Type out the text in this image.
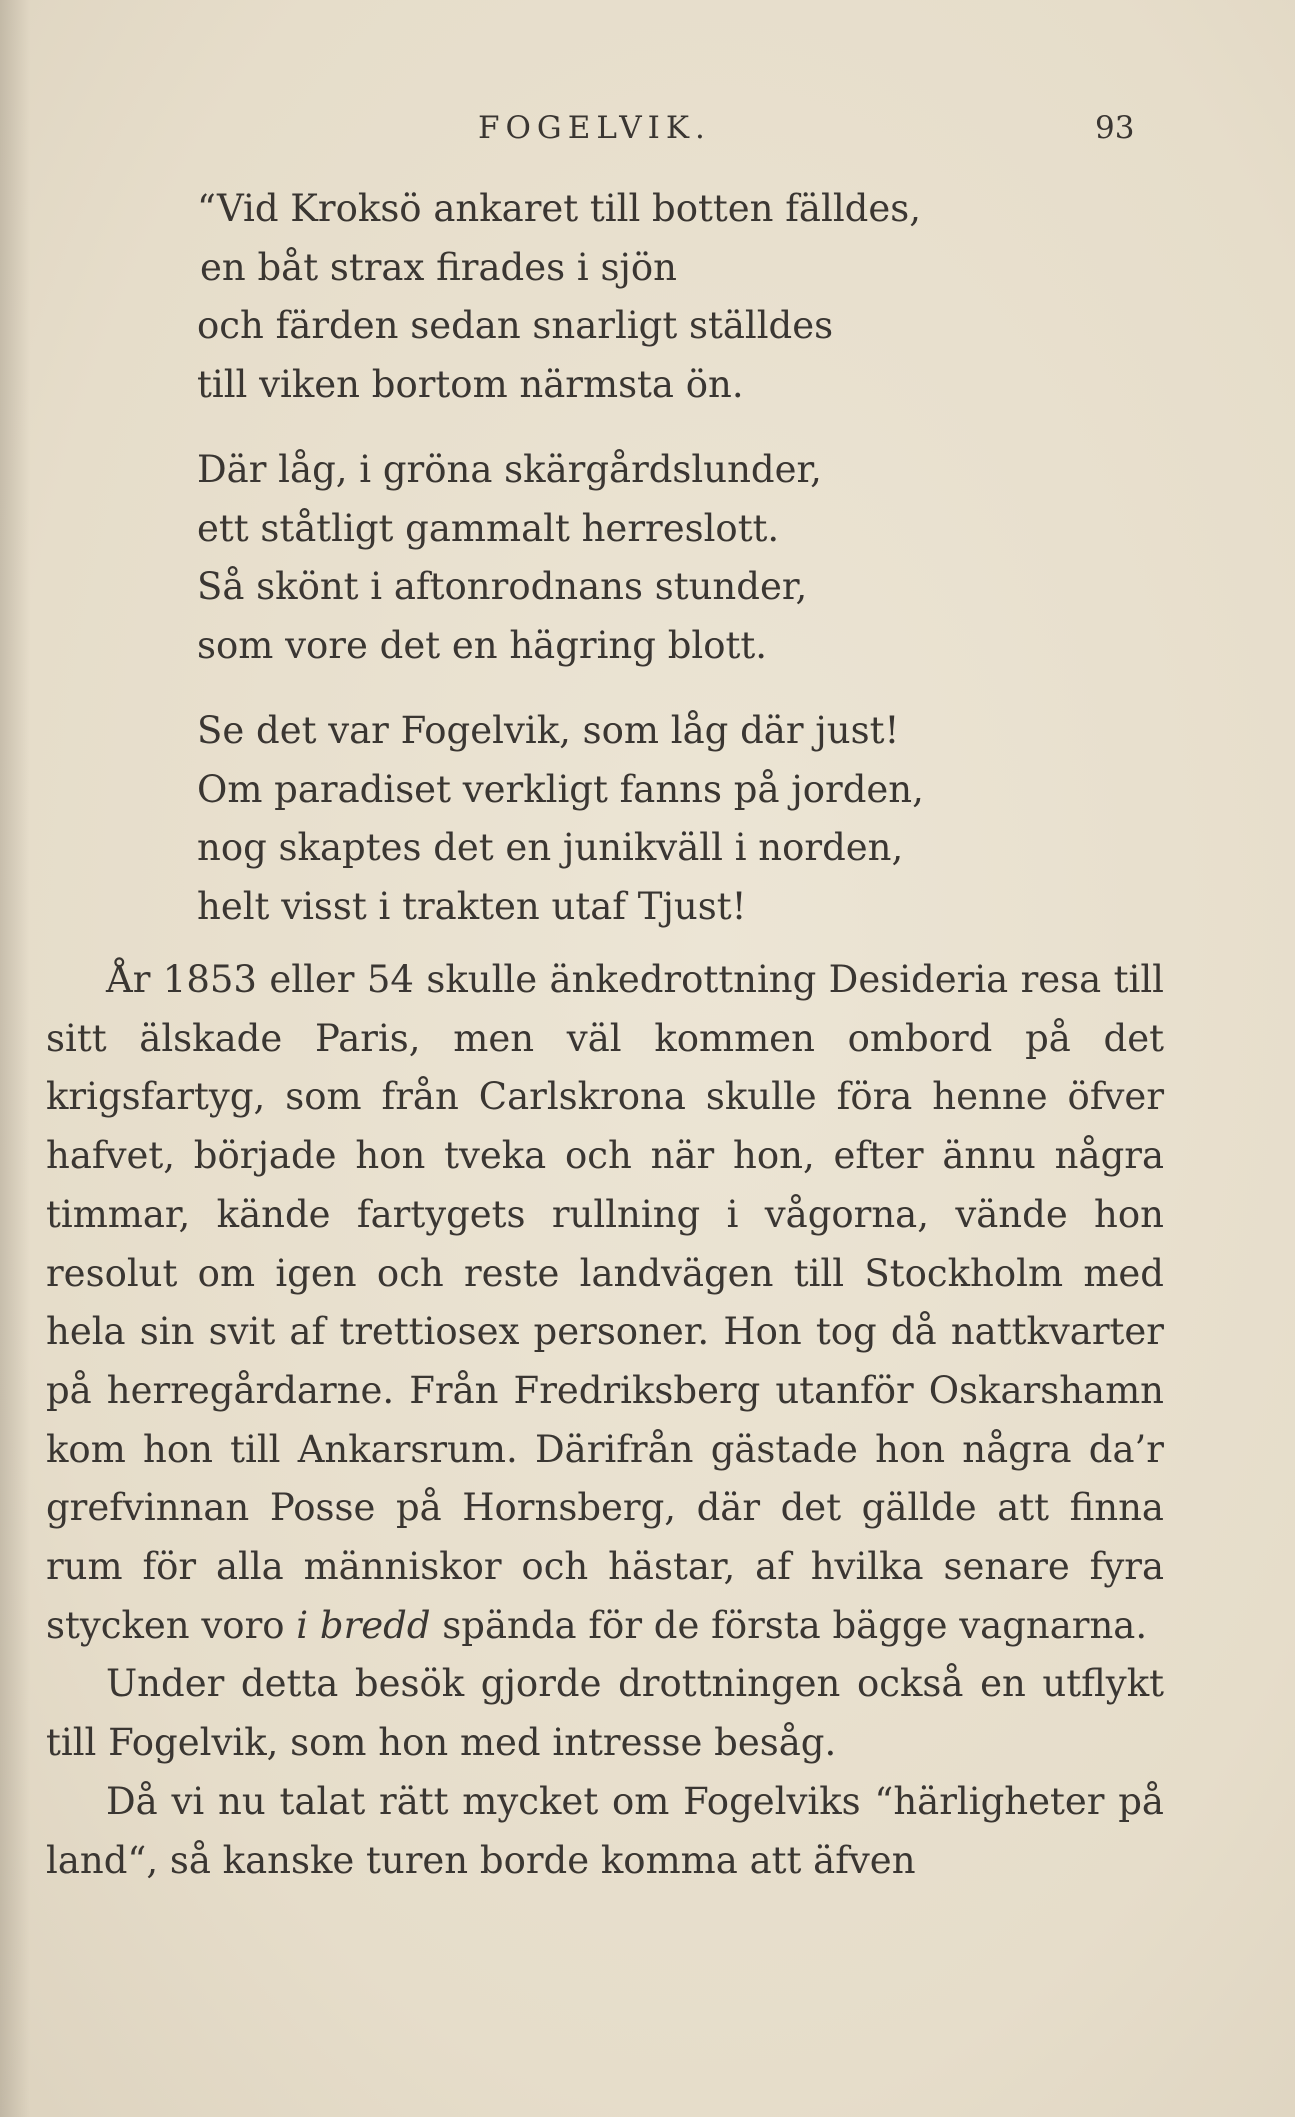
FOGELVIK.	93
“Vid Kroksö ankaret till botten fälldes,
en båt strax firades i sjön
och färden sedan snarligt ställdes
till viken bortom närmsta ön.
Där låg, i gröna skärgårdslunder,
ett ståtligt gammalt herreslott.
Så skönt i aftonrodnans stunder,
som vore det en hägring blott.
Se det var Fogelvik, som låg där just!
Om paradiset verkligt fanns på jorden,
nog skaptes det en junikväll i norden,
helt visst i trakten utaf Tjust!

År 1853 eller 54 skulle änkedrottning Desideria resa till sitt älskade Paris, men väl kommen ombord på det krigsfartyg, som från Carlskrona skulle föra henne öfver hafvet, började hon tveka och när hon, efter ännu några timmar, kände fartygets rullning i vågorna, vände hon resolut om igen och reste landvägen till Stockholm med hela sin svit af trettiosex personer. Hon tog då nattkvarter på herregårdarne. Från Fredriksberg utanför Oskarshamn kom hon till Ankarsrum. Därifrån gästade hon några da’r grefvinnan Posse på Hornsberg, där det gällde att finna rum för alla människor och hästar, af hvilka senare fyra stycken voro i bredd spända för de första bägge vagnarna.

Under detta besök gjorde drottningen också en utflykt till Fogelvik, som hon med intresse besåg.

Då vi nu talat rätt mycket om Fogelviks “härligheter på land“, så kanske turen borde komma att äfven
